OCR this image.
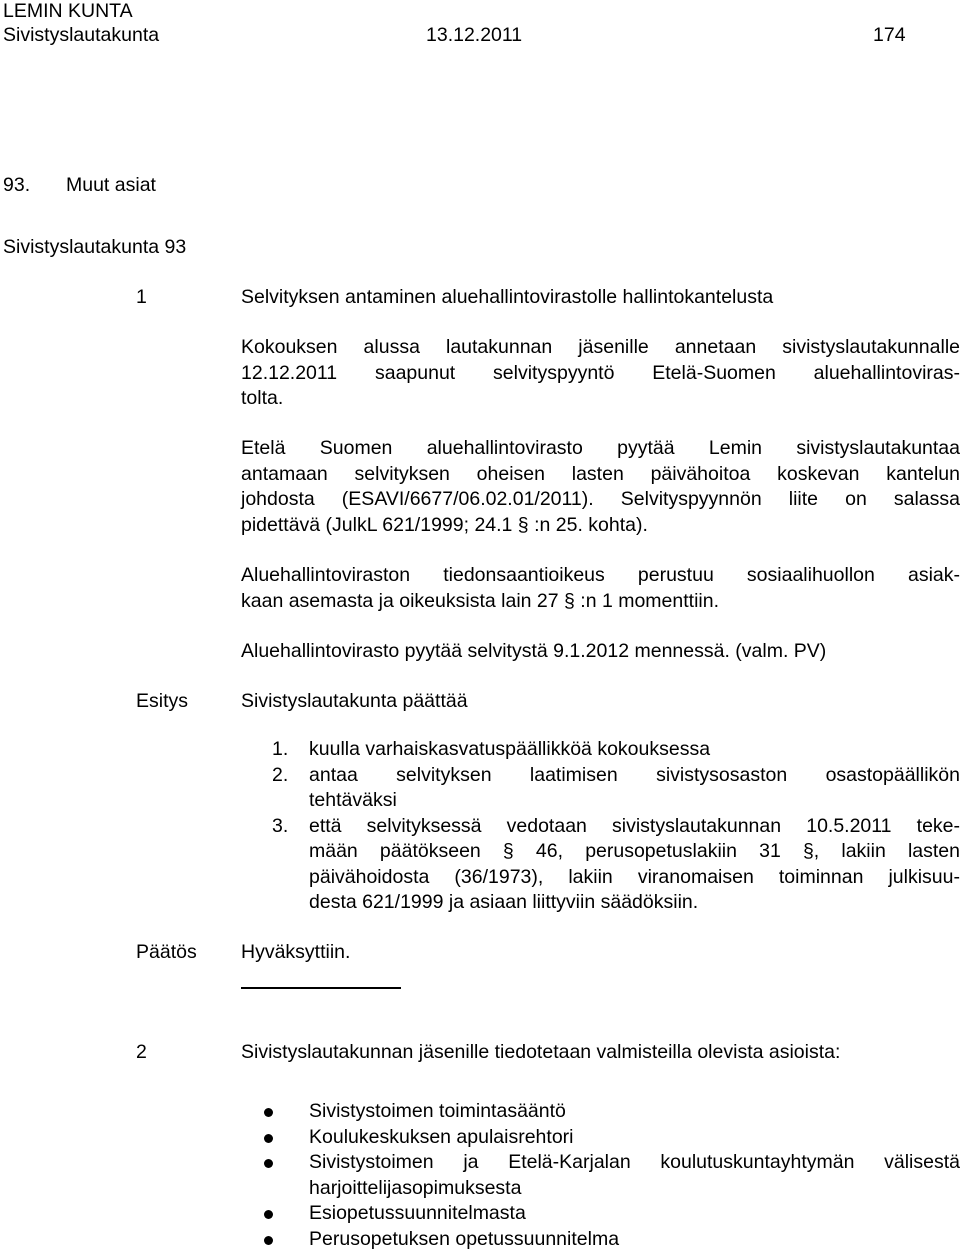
LEMIN KUNTA
Sivistyslautakunta	13.12.2011	174
93. Muut asiat
Sivistyslautakunta 93
1	Selvityksen antaminen aluehallintovirastolle hallintokantelusta
Kokouksen alussa lautakunnan jäsenille annetaan sivistyslautakunnalle
12.12.2011 saapunut selvityspyyntö Etelä-Suomen aluehallintoviras-
tolta.
Etelä Suomen aluehallintovirasto pyytää Lemin sivistyslautakuntaa
antamaan selvityksen oheisen lasten päivähoitoa koskevan kantelun
johdosta (ESAVI/6677/06.02.01/2011). Selvityspyynnön liite on salassa
pidettävä (JulkL 621/1999; 24.1 § :n 25. kohta).
Aluehallintoviraston tiedonsaantioikeus perustuu sosiaalihuollon asiak-
kaan asemasta ja oikeuksista lain 27 § :n 1 momenttiin.
Aluehallintovirasto pyytää selvitystä 9.1.2012 mennessä. (valm. PV)
Esitys	Sivistyslautakunta päättää
1. kuulla varhaiskasvatuspäällikköä kokouksessa
2. antaa selvityksen laatimisen sivistysosaston osastopäällikön
tehtäväksi
3. että selvityksessä vedotaan sivistyslautakunnan 10.5.2011 teke-
mään päätökseen § 46, perusopetuslakiin 31 §, lakiin lasten
päivähoidosta (36/1973), lakiin viranomaisen toiminnan julkisuu-
desta 621/1999 ja asiaan liittyviin säädöksiin.
Päätös Hyväksyttiin.
2	Sivistyslautakunnan jäsenille tiedotetaan valmisteilla olevista asioista:
Sivistystoimen toimintasääntö
Koulukeskuksen apulaisrehtori
Sivistystoimen ja Etelä-Karjalan koulutuskuntayhtymän välisestä
harjoittelijasopimuksesta
Esiopetussuunnitelmasta
Perusopetuksen opetussuunnitelma
